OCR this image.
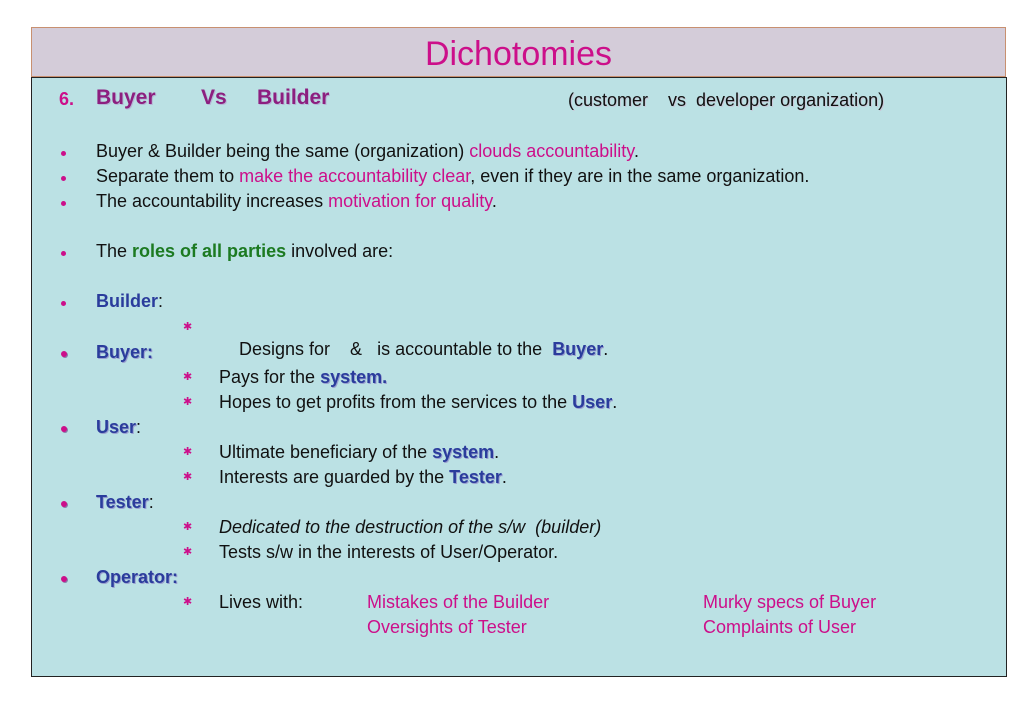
Dichotomies
6. Buyer Vs Builder	(customer    vs  developer organization)
Buyer & Builder being the same (organization) clouds accountability.
Separate them to make the accountability clear, even if they are in the same organization.
The accountability increases motivation for quality.
The roles of all parties involved are:
Builder:
✱

Designs for    &   is accountable to the  Buyer.

Buyer:
✱ Pays for the system.
✱ Hopes to get profits from the services to the User.
User:
✱ Ultimate beneficiary of the system.
✱ Interests are guarded by the Tester.
Tester:
✱ Dedicated to the destruction of the s/w  (builder)
✱ Tests s/w in the interests of User/Operator.
Operator:
✱ Lives with:	Mistakes of the Builder
Oversights of Tester
Murky specs of Buyer
Complaints of User
